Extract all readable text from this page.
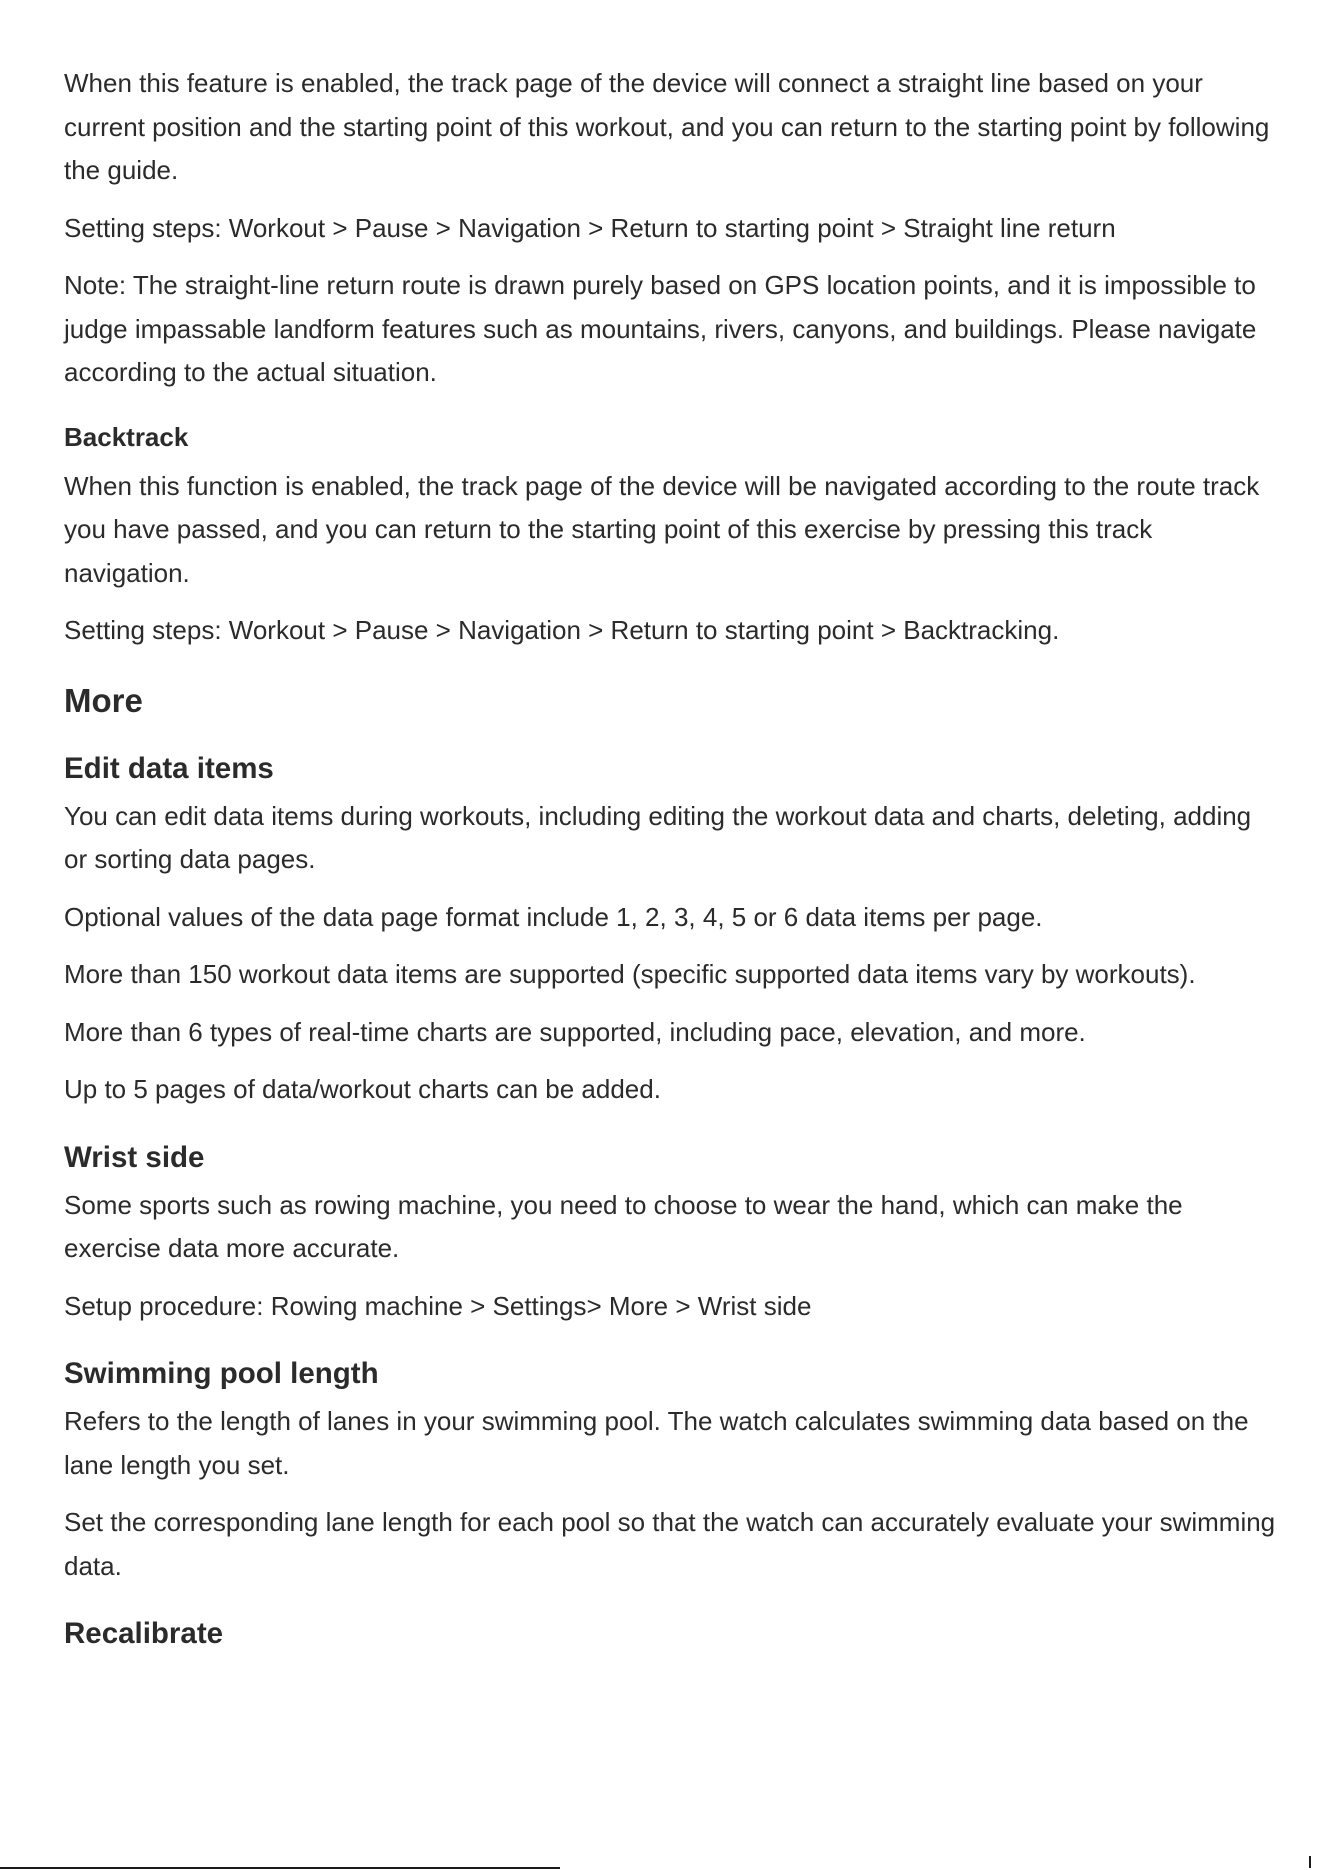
When this feature is enabled, the track page of the device will connect a straight line based on your current position and the starting point of this workout, and you can return to the starting point by following the guide.

Setting steps: Workout > Pause > Navigation > Return to starting point > Straight line return

Note: The straight-line return route is drawn purely based on GPS location points, and it is impossible to judge impassable landform features such as mountains, rivers, canyons, and buildings. Please navigate according to the actual situation.

Backtrack

When this function is enabled, the track page of the device will be navigated according to the route track you have passed, and you can return to the starting point of this exercise by pressing this track navigation.

Setting steps: Workout > Pause > Navigation > Return to starting point > Backtracking.

More
Edit data items

You can edit data items during workouts, including editing the workout data and charts, deleting, adding or sorting data pages.

Optional values of the data page format include 1, 2, 3, 4, 5 or 6 data items per page.

More than 150 workout data items are supported (specific supported data items vary by workouts).

More than 6 types of real-time charts are supported, including pace, elevation, and more.

Up to 5 pages of data/workout charts can be added.

Wrist side

Some sports such as rowing machine, you need to choose to wear the hand, which can make the exercise data more accurate.

Setup procedure: Rowing machine > Settings> More > Wrist side

Swimming pool length

Refers to the length of lanes in your swimming pool. The watch calculates swimming data based on the lane length you set.

Set the corresponding lane length for each pool so that the watch can accurately evaluate your swimming data.

Recalibrate
